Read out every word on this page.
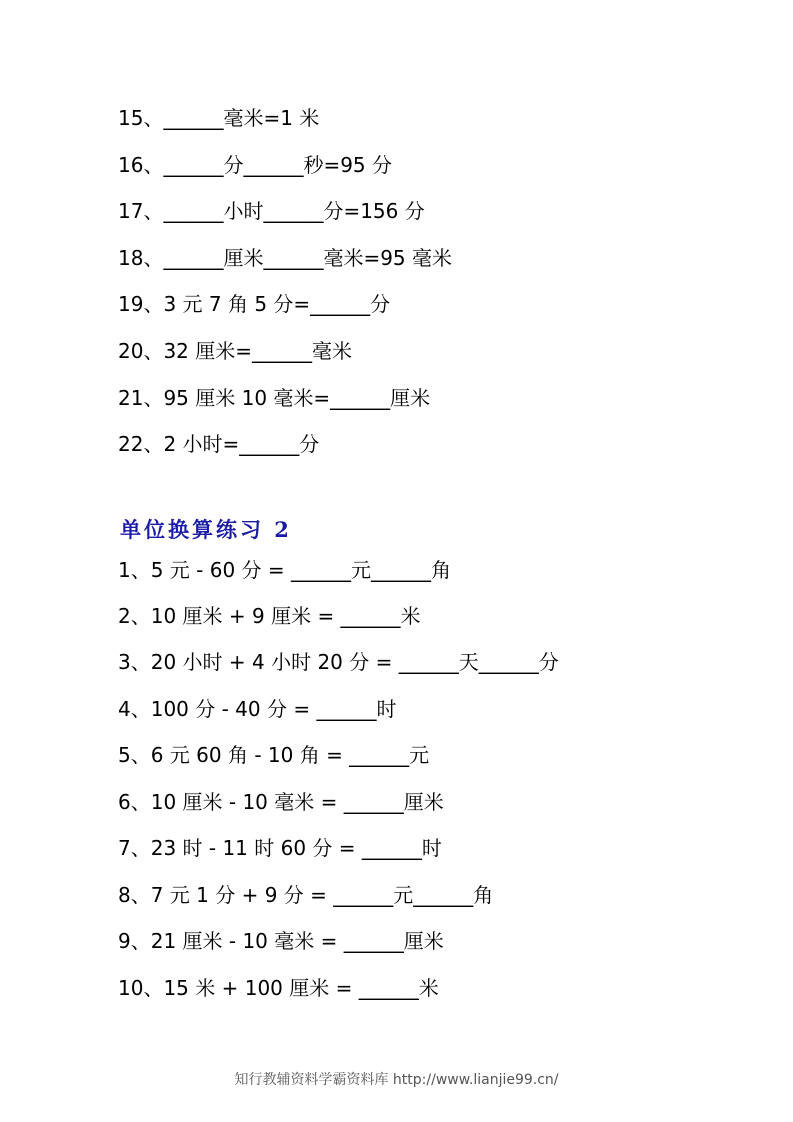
15、______毫米=1 米
16、______分______秒=95 分
17、______小时______分=156 分
18、______厘米______毫米=95 毫米
19、3 元 7 角 5 分=______分
20、32 厘米=______毫米
21、95 厘米 10 毫米=______厘米
22、2 小时=______分
单位换算练习 2
1、5 元 - 60 分 = ______元______角
2、10 厘米 + 9 厘米 = ______米
3、20 小时 + 4 小时 20 分 = ______天______分
4、100 分 - 40 分 = ______时
5、6 元 60 角 - 10 角 = ______元
6、10 厘米 - 10 毫米 = ______厘米
7、23 时 - 11 时 60 分 = ______时
8、7 元 1 分 + 9 分 = ______元______角
9、21 厘米 - 10 毫米 = ______厘米
10、15 米 + 100 厘米 = ______米
知行教辅资料学霸资料库 http://www.lianjie99.cn/
